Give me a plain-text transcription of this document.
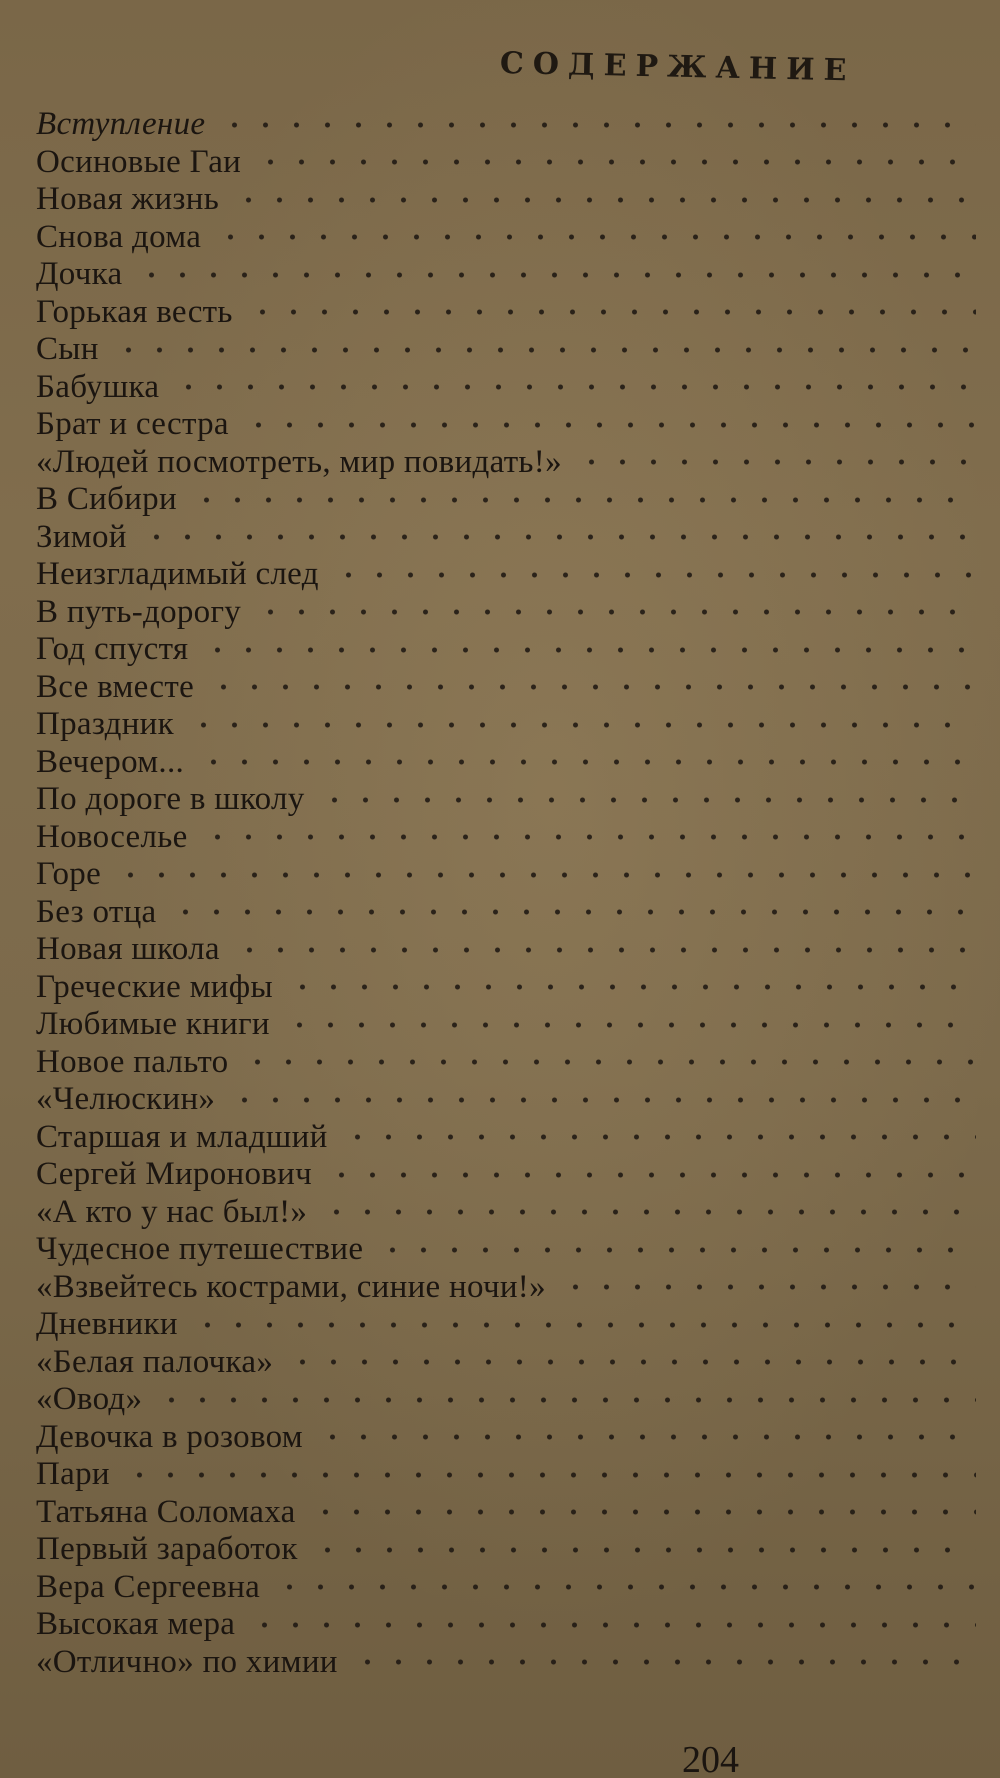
СОДЕРЖАНИЕ
Вступление
Осиновые Гаи
Новая жизнь
Снова дома
Дочка
Горькая весть
Сын
Бабушка
Брат и сестра
«Людей посмотреть, мир повидать!»
В Сибири
Зимой
Неизгладимый след
В путь-дорогу
Год спустя
Все вместе
Праздник
Вечером...
По дороге в школу
Новоселье
Горе
Без отца
Новая школа
Греческие мифы
Любимые книги
Новое пальто
«Челюскин»
Старшая и младший
Сергей Миронович
«А кто у нас был!»
Чудесное путешествие
«Взвейтесь кострами, синие ночи!»
Дневники
«Белая палочка»
«Овод»
Девочка в розовом
Пари
Татьяна Соломаха
Первый заработок
Вера Сергеевна
Высокая мера
«Отлично» по химии
204
